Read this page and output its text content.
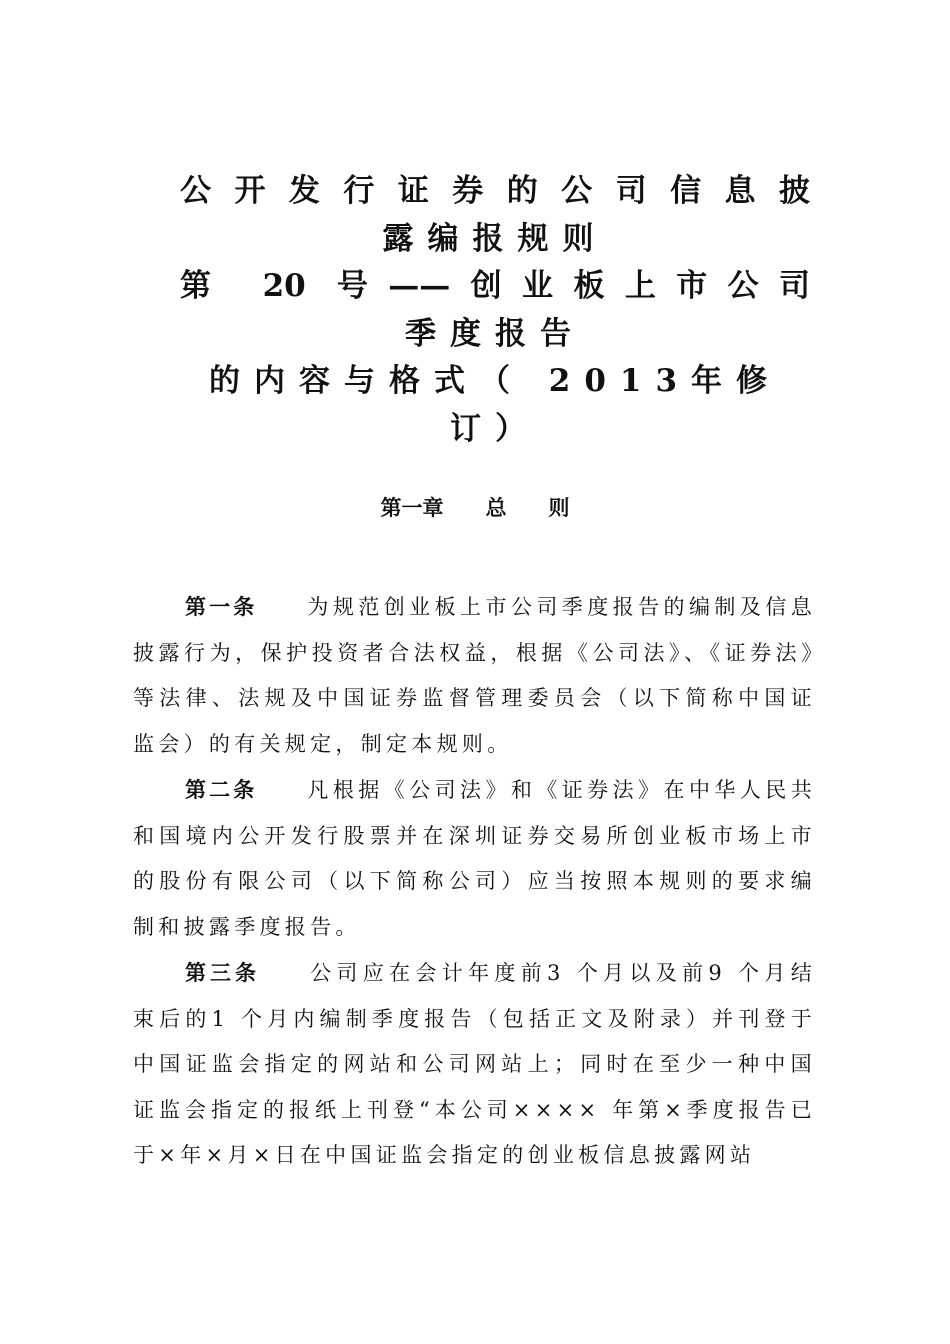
公开发行证券的公司信息披
露编报规则
第 20 号——创业板上市公司
季度报告
的内容与格式（ 2013年修
订）
第一章　　总　　则

第一条 为规范创业板上市公司季度报告的编制及信息披露行为，保护投资者合法权益，根据《公司法》、《证券法》等法律、法规及中国证券监督管理委员会（以下简称中国证监会）的有关规定，制定本规则。

第二条 凡根据《公司法》和《证券法》在中华人民共和国境内公开发行股票并在深圳证券交易所创业板市场上市的股份有限公司（以下简称公司）应当按照本规则的要求编制和披露季度报告。

第三条 公司应在会计年度前3 个月以及前9 个月结束后的1 个月内编制季度报告（包括正文及附录）并刊登于中国证监会指定的网站和公司网站上；同时在至少一种中国证监会指定的报纸上刊登“本公司×××× 年第×季度报告已于×年×月×日在中国证监会指定的创业板信息披露网站
